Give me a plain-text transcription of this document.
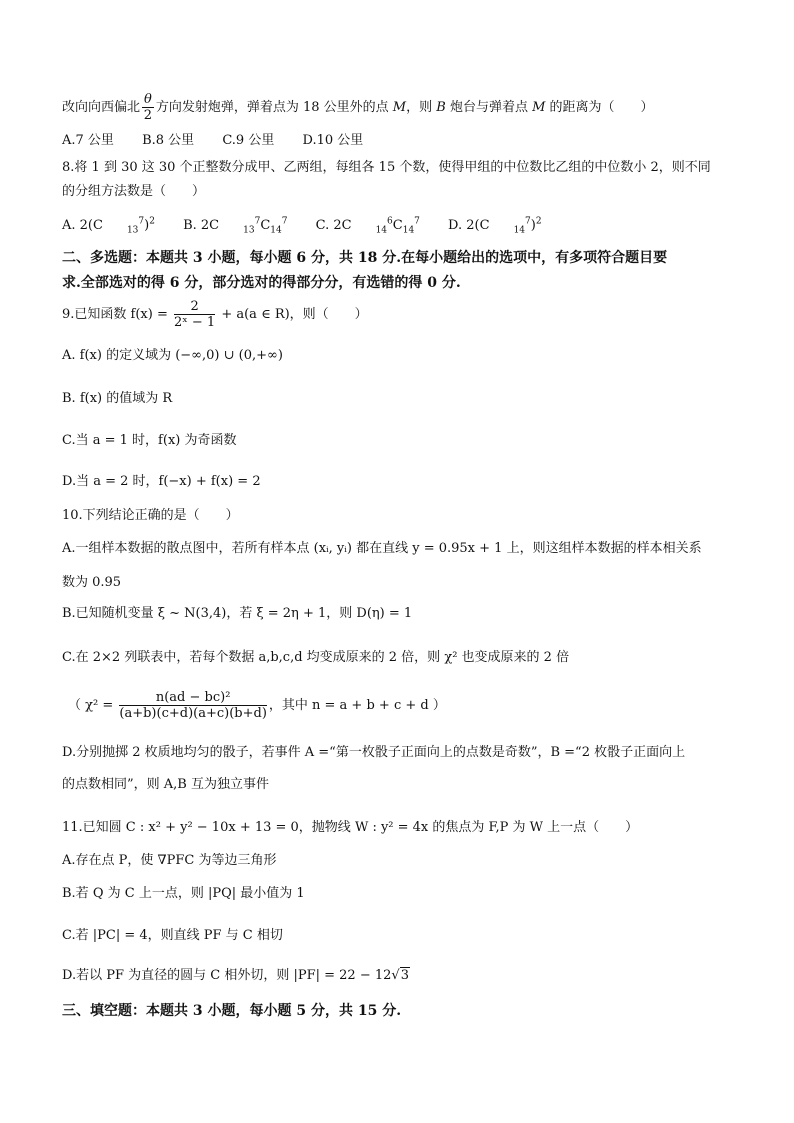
改向向西偏北 $\frac{\theta}{2}$ 方向发射炮弹，弹着点为 18 公里外的点 M，则 B 炮台与弹着点 M 的距离为（　　）
A.7 公里 B.8 公里 C.9 公里 D.10 公里
8.将 1 到 30 这 30 个正整数分成甲、乙两组，每组各 15 个数，使得甲组的中位数比乙组的中位数小 2，则不同
的分组方法数是（　　）
A. 2(C	$_{13}^7$)$^2$ B. 2C	$_{13}^7C_{14}^7$ C. 2C	$_{14}^6C_{14}^7$ D. 2(C	$_{14}^7$)$^2$
二、多选题：本题共 3 小题，每小题 6 分，共 18 分.在每小题给出的选项中，有多项符合题目要
求.全部选对的得 6 分，部分选对的得部分分，有选错的得 0 分.
9.已知函数 $f(x) = \frac{2}{\text{2ˣ − 1}} + a(a$ ∈ R)，则（　　）
A. f(x) 的定义域为 (−∞,0) ∪ (0,+∞)
B. f(x) 的值域为 R
C.当 a = 1 时，f(x) 为奇函数
D.当 a = 2 时，f(−x) + f(x) = 2
10.下列结论正确的是（　　）
A.一组样本数据的散点图中，若所有样本点 (xᵢ, yᵢ) 都在直线 y = 0.95x + 1 上，则这组样本数据的样本相关系
数为 0.95
B.已知随机变量 ξ ~ N(3,4)，若 ξ = 2η + 1，则 D(η) = 1
C.在 2×2 列联表中，若每个数据 a,b,c,d 均变成原来的 2 倍，则 χ² 也变成原来的 2 倍
（ $\chi^2 = \frac{\text{n(ad − bc)²}}{(a+b)(c+d)(a+c)(b+d)}$ ，其中 n = a + b + c + d ）
D.分别抛掷 2 枚质地均匀的骰子，若事件 A =“第一枚骰子正面向上的点数是奇数”，B =“2 枚骰子正面向上
的点数相同”，则 A,B 互为独立事件
11.已知圆 C : x² + y² − 10x + 13 = 0，抛物线 W : y² = 4x 的焦点为 F,P 为 W 上一点（　　）
A.存在点 P，使 ∇PFC 为等边三角形
B.若 Q 为 C 上一点，则 |PQ| 最小值为 1
C.若 |PC| = 4，则直线 PF 与 C 相切
D.若以 PF 为直径的圆与 C 相外切，则 |PF| = 22 − 12√3
三、填空题：本题共 3 小题，每小题 5 分，共 15 分.
